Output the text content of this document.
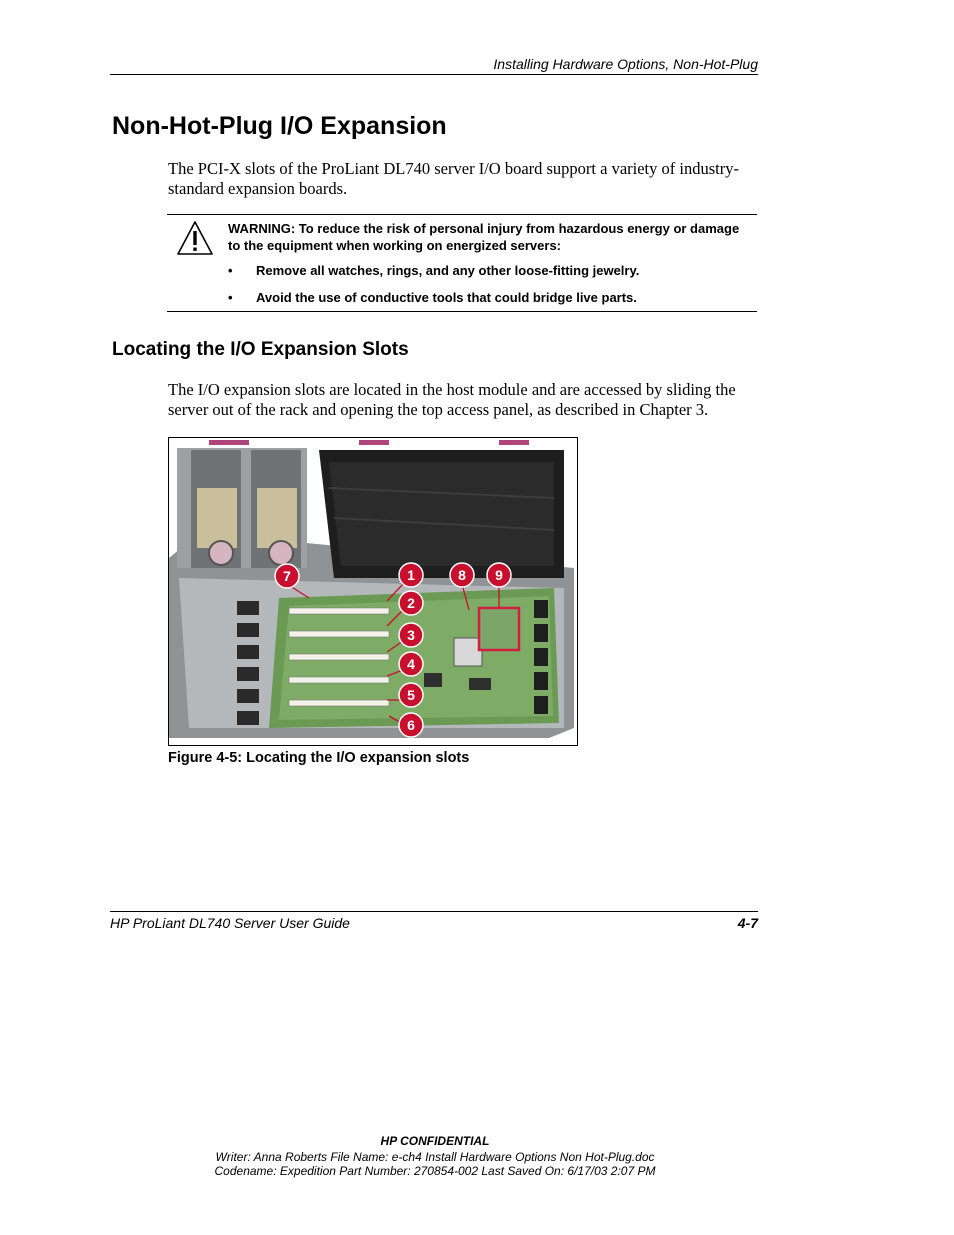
Installing Hardware Options, Non-Hot-Plug
Non-Hot-Plug I/O Expansion
The PCI-X slots of the ProLiant DL740 server I/O board support a variety of industry-standard expansion boards.
WARNING: To reduce the risk of personal injury from hazardous energy or damage to the equipment when working on energized servers:
• Remove all watches, rings, and any other loose-fitting jewelry.
• Avoid the use of conductive tools that could bridge live parts.
Locating the I/O Expansion Slots
The I/O expansion slots are located in the host module and are accessed by sliding the server out of the rack and opening the top access panel, as described in Chapter 3.
1
2
3
4
5
6
7	8 9
Figure 4-5: Locating the I/O expansion slots
HP ProLiant DL740 Server User Guide	4-7
HP CONFIDENTIAL
Writer: Anna Roberts File Name: e-ch4 Install Hardware Options Non Hot-Plug.doc
Codename: Expedition Part Number: 270854-002 Last Saved On: 6/17/03 2:07 PM
